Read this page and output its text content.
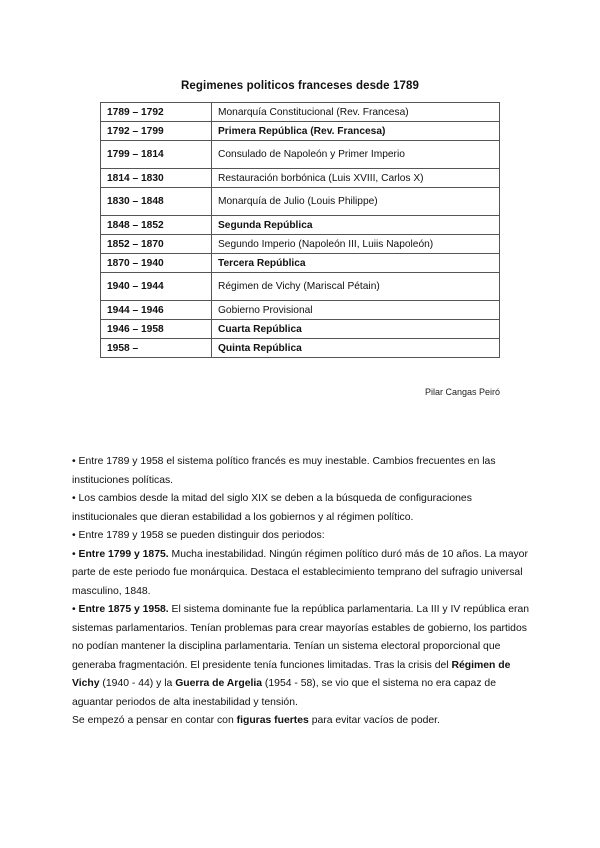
Regimenes politicos franceses desde 1789
1789 – 1792	Monarquía Constitucional (Rev. Francesa)
1792 – 1799	Primera República (Rev. Francesa)
1799 – 1814	Consulado de Napoleón y Primer Imperio
1814 – 1830	Restauración borbónica (Luis XVIII, Carlos X)
1830 – 1848	Monarquía de Julio (Louis Philippe)
1848 – 1852	Segunda República
1852 – 1870	Segundo Imperio (Napoleón III, Luiis Napoleón)
1870 – 1940	Tercera República
1940 – 1944	Régimen de Vichy (Mariscal Pétain)
1944 – 1946	Gobierno Provisional
1946 – 1958	Cuarta República
1958 –	Quinta República
Pilar Cangas Peiró

• Entre 1789 y 1958 el sistema político francés es muy inestable. Cambios frecuentes en las instituciones políticas.

• Los cambios desde la mitad del siglo XIX se deben a la búsqueda de configuraciones institucionales que dieran estabilidad a los gobiernos y al régimen político.

• Entre 1789 y 1958 se pueden distinguir dos periodos:

• Entre 1799 y 1875. Mucha inestabilidad. Ningún régimen político duró más de 10 años. La mayor parte de este periodo fue monárquica. Destaca el establecimiento temprano del sufragio universal masculino, 1848.

• Entre 1875 y 1958. El sistema dominante fue la república parlamentaria. La III y IV república eran sistemas parlamentarios. Tenían problemas para crear mayorías estables de gobierno, los partidos no podían mantener la disciplina parlamentaria. Tenían un sistema electoral proporcional que generaba fragmentación. El presidente tenía funciones limitadas. Tras la crisis del Régimen de Vichy (1940 - 44) y la Guerra de Argelia (1954 - 58), se vio que el sistema no era capaz de aguantar periodos de alta inestabilidad y tensión.

Se empezó a pensar en contar con figuras fuertes para evitar vacíos de poder.
